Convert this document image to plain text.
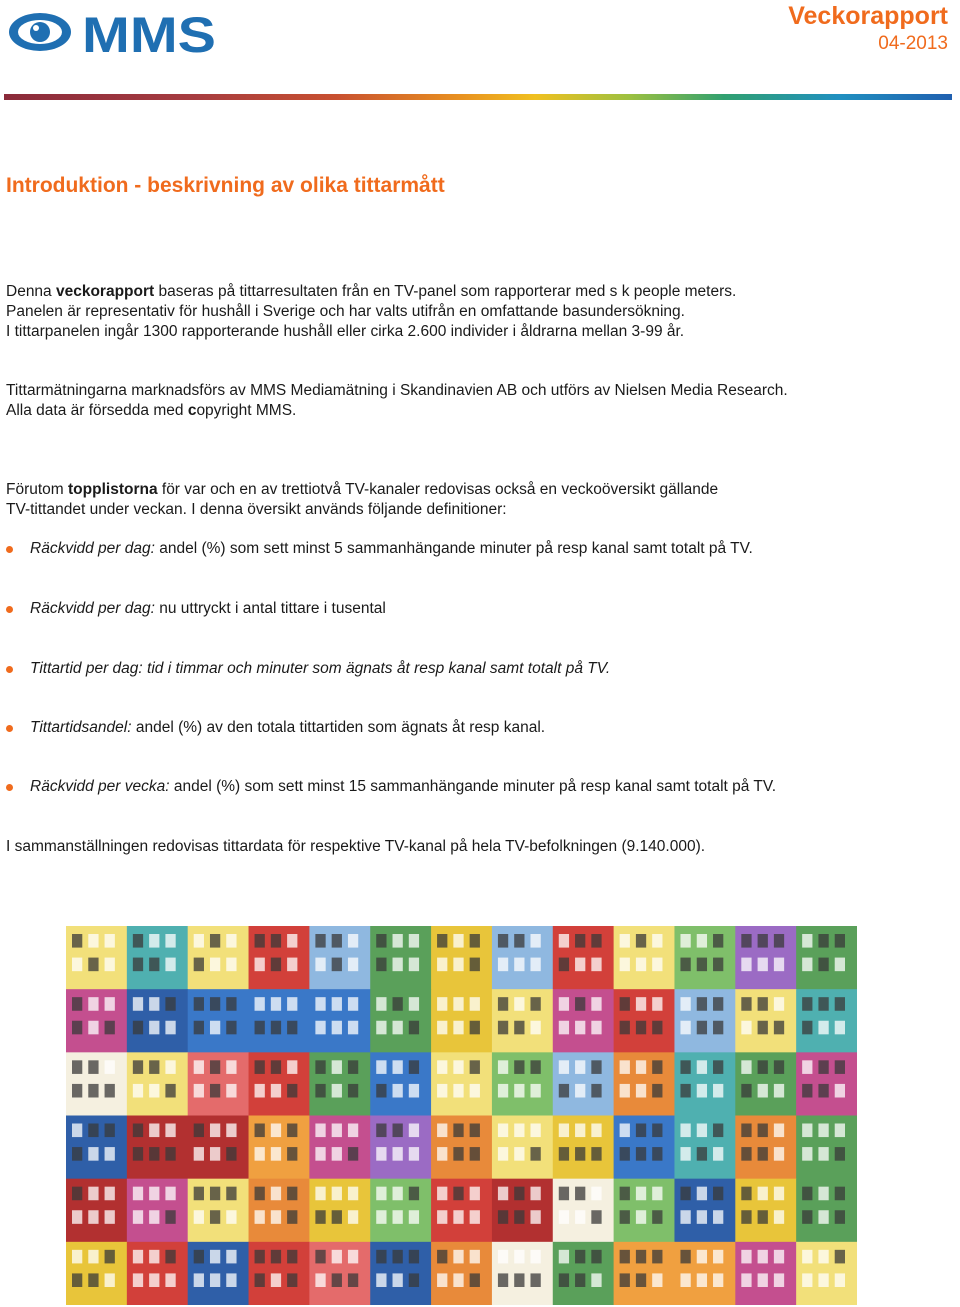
MMS	Veckorapport
04-2013
Introduktion - beskrivning av olika tittarmått

Denna veckorapport baseras på tittarresultaten från en TV-panel som rapporterar med s k people meters.
Panelen är representativ för hushåll i Sverige och har valts utifrån en omfattande basundersökning.
I tittarpanelen ingår 1300 rapporterande hushåll eller cirka 2.600 individer i åldrarna mellan 3-99 år.

Tittarmätningarna marknadsförs av MMS Mediamätning i Skandinavien AB och utförs av Nielsen Media Research.
Alla data är försedda med copyright MMS.

Förutom topplistorna för var och en av trettiotvå TV-kanaler redovisas också en veckoöversikt gällande
TV-tittandet under veckan. I denna översikt används följande definitioner:

Räckvidd per dag: andel (%) som sett minst 5 sammanhängande minuter på resp kanal samt totalt på TV.
Räckvidd per dag: nu uttryckt i antal tittare i tusental
Tittartid per dag: tid i timmar och minuter som ägnats åt resp kanal samt totalt på TV.
Tittartidsandel: andel (%) av den totala tittartiden som ägnats åt resp kanal.
Räckvidd per vecka: andel (%) som sett minst 15 sammanhängande minuter på resp kanal samt totalt på TV.

I sammanställningen redovisas tittardata för respektive TV-kanal på hela TV-befolkningen (9.140.000).
